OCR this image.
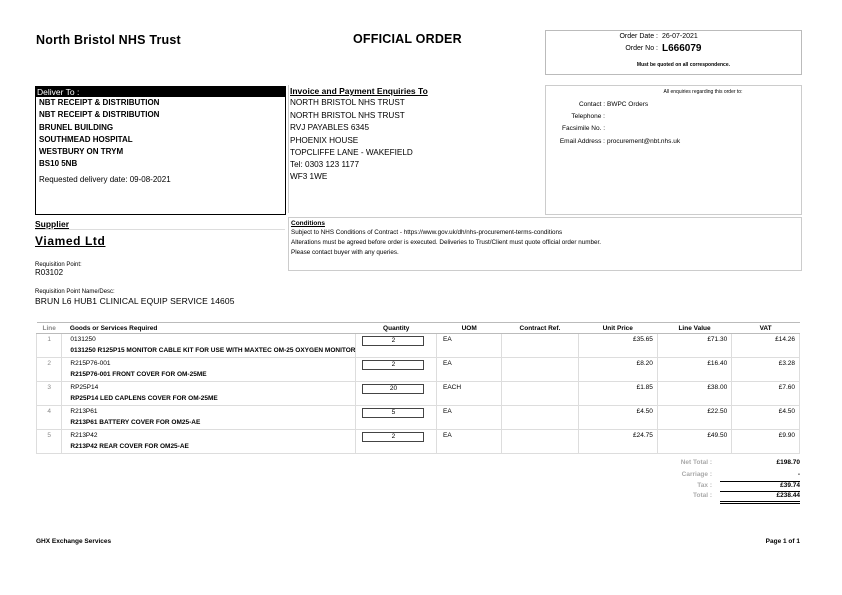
North Bristol NHS Trust	OFFICIAL ORDER	Order Date : 26-07-2021
Order No : L666079
Must be quoted on all correspondence.
Deliver To :
NBT RECEIPT & DISTRIBUTION
NBT RECEIPT & DISTRIBUTION
BRUNEL BUILDING
SOUTHMEAD HOSPITAL
WESTBURY ON TRYM
BS10 5NB
Requested delivery date: 09-08-2021
Invoice and Payment Enquiries To
NORTH BRISTOL NHS TRUST
NORTH BRISTOL NHS TRUST
RVJ PAYABLES 6345
PHOENIX HOUSE
TOPCLIFFE LANE - WAKEFIELD
Tel: 0303 123 1177
WF3 1WE
All enquiries regarding this order to:
Contact : BWPC Orders
Telephone :
Facsimile No. :
Email Address : procurement@nbt.nhs.uk
Supplier
Viamed Ltd
Requisition Point:
R03102
Requisition Point Name/Desc:
BRUN L6 HUB1 CLINICAL EQUIP SERVICE 14605
Conditions
Subject to NHS Conditions of Contract - https://www.gov.uk/dh/nhs-procurement-terms-conditions
Alterations must be agreed before order is executed. Deliveries to Trust/Client must quote official order number.
Please contact buyer with any queries.
Line	Goods or Services Required	Quantity	UOM	Contract Ref.	Unit Price	Line Value	VAT

1	0131250
0131250 R125P15 MONITOR CABLE KIT FOR USE WITH MAXTEC OM-25 OXYGEN MONITOR	2	EA		£35.65	£71.30	£14.26

2	R215P76-001
R215P76-001 FRONT COVER FOR OM-25ME	2	EA		£8.20	£16.40	£3.28

3	RP25P14
RP25P14 LED CAPLENS COVER FOR OM-25ME	20	EACH		£1.85	£38.00	£7.60

4	R213P61
R213P61 BATTERY COVER FOR OM25-AE	5	EA		£4.50	£22.50	£4.50

5	R213P42
R213P42 REAR COVER FOR OM25-AE	2	EA		£24.75	£49.50	£9.90
Net Total :	£198.70
Carriage :	-
Tax :	£39.74
Total :	£238.44
GHX Exchange Services	Page 1 of 1
